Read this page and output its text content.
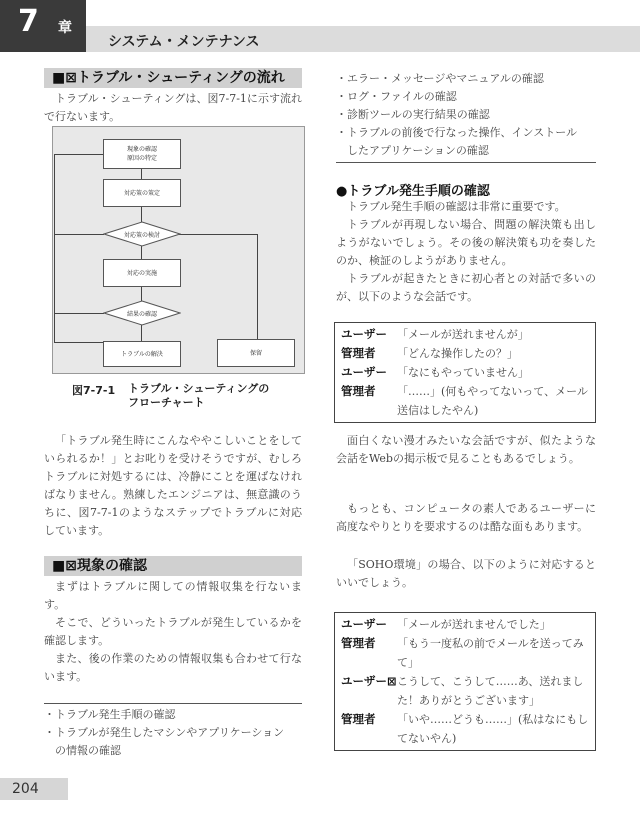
7 章
システム・メンテナンス
■⊠トラブル・シューティングの流れ

トラブル・シューティングは、図7-7-1に示す流れで行ないます。

現象の確認
原因の特定
対応策の策定
対応策の検討
対応の実施
結果の確認
トラブルの解決	保留
図7-7-1 トラブル・シューティングの
フローチャート

「トラブル発生時にこんなややこしいことをしていられるか！」とお叱りを受けそうですが、むしろトラブルに対処するには、冷静にことを運ばなければなりません。熟練したエンジニアは、無意識のうちに、図7-7-1のようなステップでトラブルに対応しています。

■⊠現象の確認

まずはトラブルに関しての情報収集を行ないます。

そこで、どういったトラブルが発生しているかを確認します。

また、後の作業のための情報収集も合わせて行ないます。

・トラブル発生手順の確認
・トラブルが発生したマシンやアプリケーション
　の情報の確認
・エラー・メッセージやマニュアルの確認
・ログ・ファイルの確認
・診断ツールの実行結果の確認
・トラブルの前後で行なった操作、インストール
　したアプリケーションの確認
●トラブル発生手順の確認

トラブル発生手順の確認は非常に重要です。

トラブルが再現しない場合、問題の解決策も出しようがないでしょう。その後の解決策も功を奏したのか、検証のしようがありません。

トラブルが起きたときに初心者との対話で多いのが、以下のような会話です。

ユーザー 「メールが送れませんが」
管理者	「どんな操作したの？」
ユーザー 「なにもやっていません」
管理者	「……」(何もやってないって、メール送信はしたやん)

面白くない漫才みたいな会話ですが、似たような会話をWebの掲示板で見ることもあるでしょう。

もっとも、コンピュータの素人であるユーザーに高度なやりとりを要求するのは酷な面もあります。

「SOHO環境」の場合、以下のように対応するといいでしょう。

ユーザー 「メールが送れませんでした」
管理者	「もう一度私の前でメールを送ってみて」
ユーザー⊠ こうして、こうして……あ、送れました！ありがとうございます」
管理者	「いや……どうも……」(私はなにもしてないやん)
204
